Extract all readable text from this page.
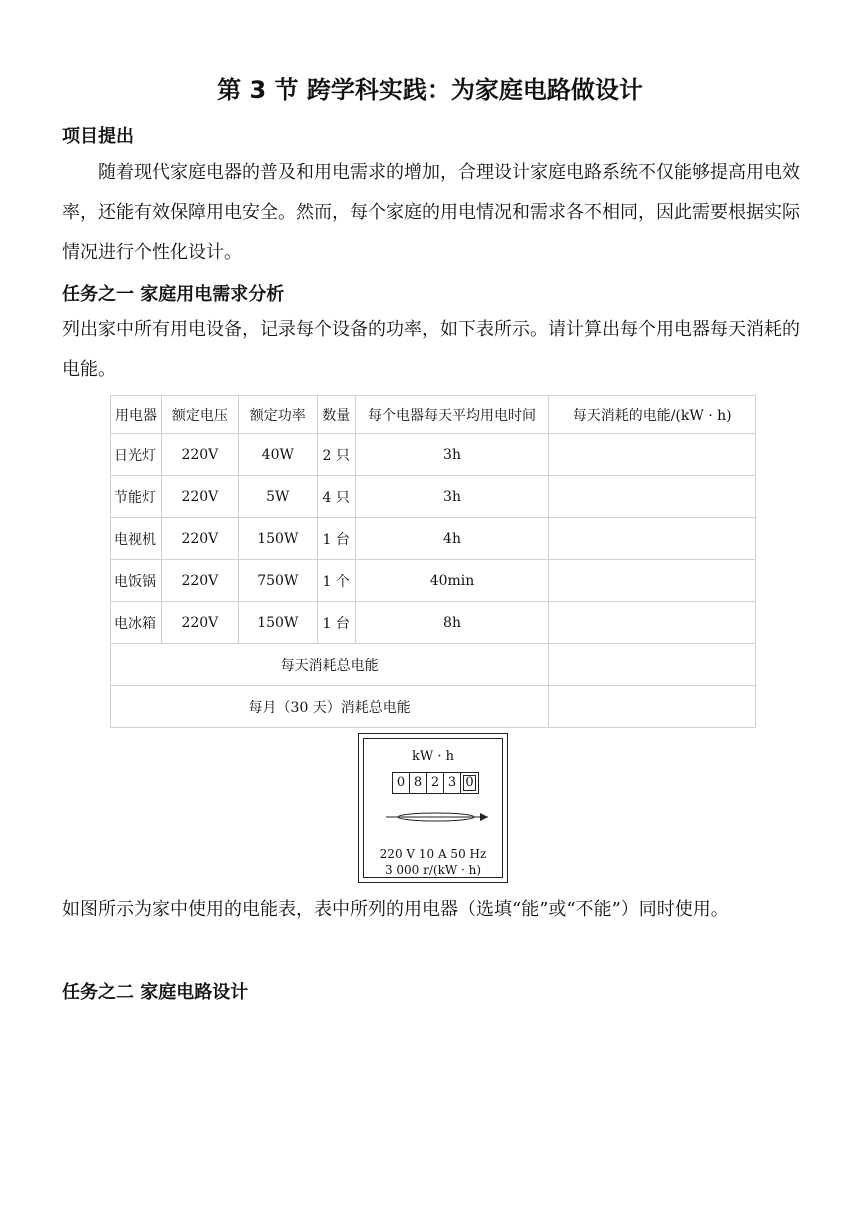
第 3 节 跨学科实践：为家庭电路做设计
项目提出

随着现代家庭电器的普及和用电需求的增加，合理设计家庭电路系统不仅能够提高用电效率，还能有效保障用电安全。然而，每个家庭的用电情况和需求各不相同，因此需要根据实际情况进行个性化设计。

任务之一 家庭用电需求分析

列出家中所有用电设备，记录每个设备的功率，如下表所示。请计算出每个用电器每天消耗的电能。

用电器	额定电压	额定功率	数量	每个电器每天平均用电时间	每天消耗的电能/(kW · h)
日光灯	220V	40W	2 只	3h	
节能灯	220V	5W	4 只	3h	
电视机	220V	150W	1 台	4h	
电饭锅	220V	750W	1 个	40min	
电冰箱	220V	150W	1 台	8h	
每天消耗总电能					
每月（30 天）消耗总电能					
kW · h
0 8 2 3 0
220 V 10 A 50 Hz
3 000 r/(kW · h)

如图所示为家中使用的电能表，表中所列的用电器（选填“能”或“不能”）同时使用。

任务之二 家庭电路设计
